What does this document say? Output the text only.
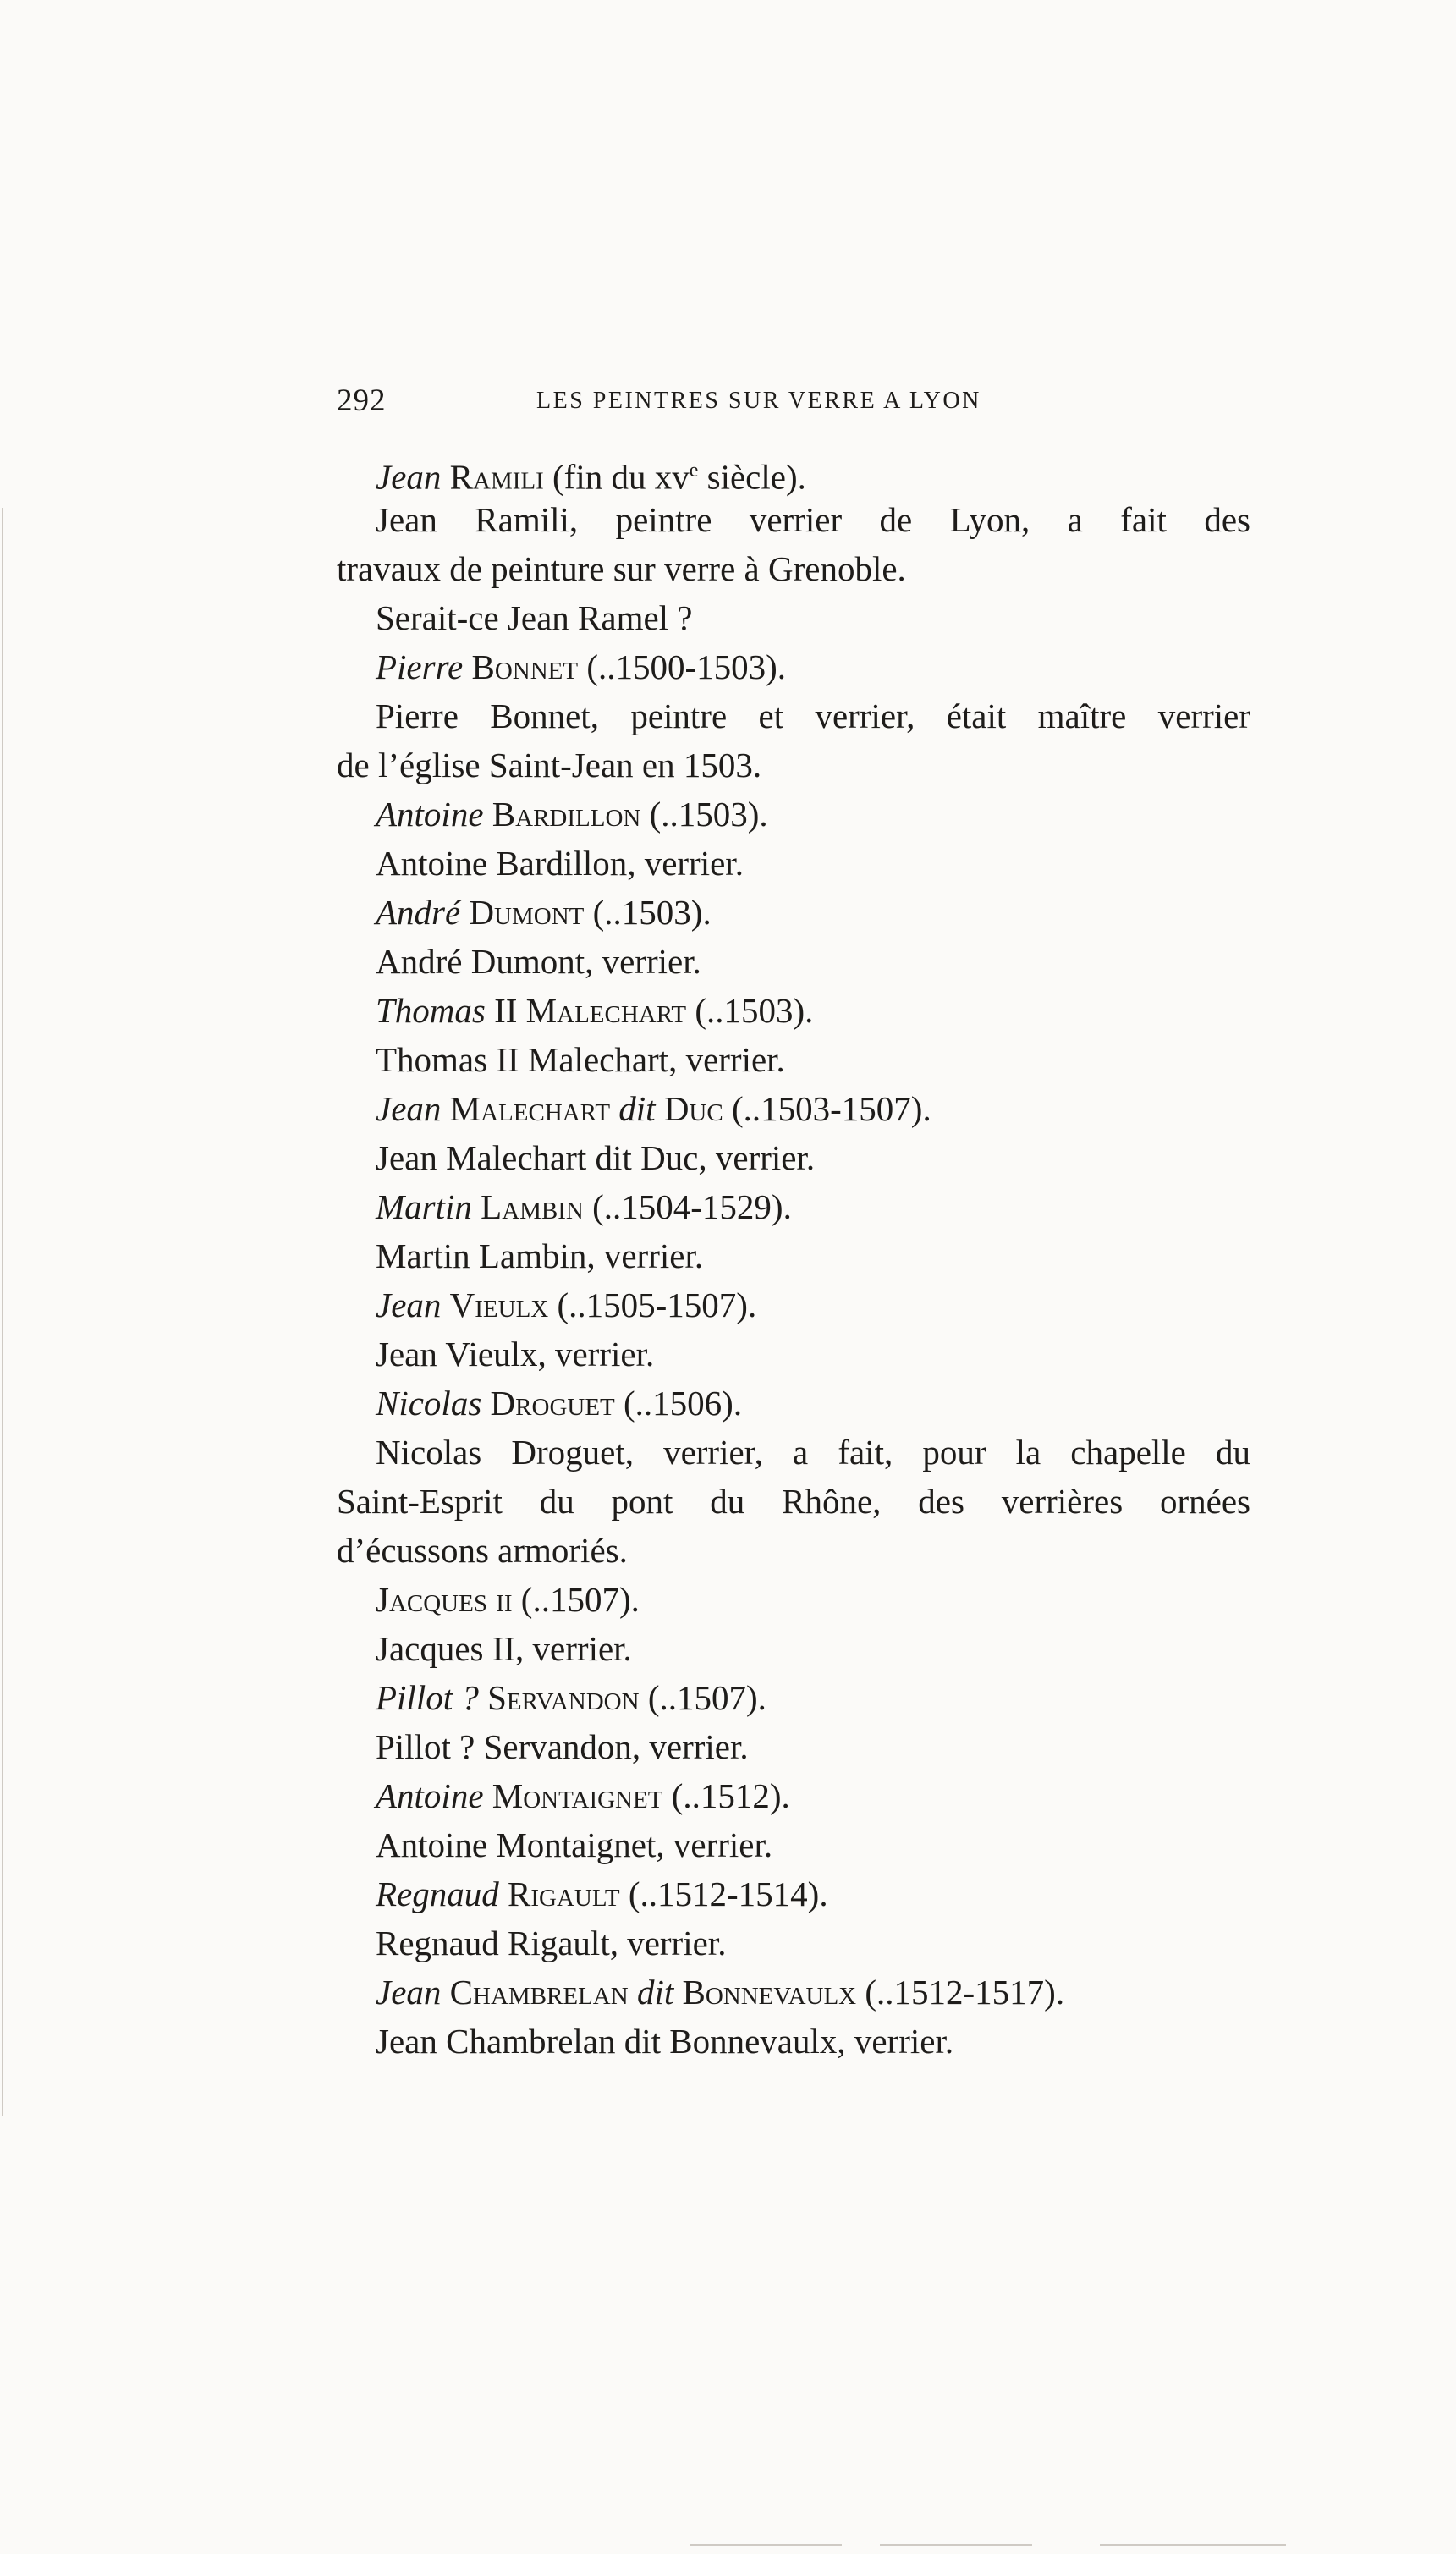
292	LES PEINTRES SUR VERRE A LYON
Jean Ramili (fin du $xv^e$ siècle).
Jean Ramili, peintre verrier de Lyon, a fait des
travaux de peinture sur verre à Grenoble.
Serait-ce Jean Ramel ?
Pierre Bonnet (..1500-1503).
Pierre Bonnet, peintre et verrier, était maître verrier
de l’église Saint-Jean en 1503.
Antoine Bardillon (..1503).
Antoine Bardillon, verrier.
André Dumont (..1503).
André Dumont, verrier.
Thomas II Malechart (..1503).
Thomas II Malechart, verrier.
Jean Malechart dit Duc (..1503-1507).
Jean Malechart dit Duc, verrier.
Martin Lambin (..1504-1529).
Martin Lambin, verrier.
Jean Vieulx (..1505-1507).
Jean Vieulx, verrier.
Nicolas Droguet (..1506).
Nicolas Droguet, verrier, a fait, pour la chapelle du
Saint-Esprit du pont du Rhône, des verrières ornées
d’écussons armoriés.
Jacques ii (..1507).
Jacques II, verrier.
Pillot ? Servandon (..1507).
Pillot ? Servandon, verrier.
Antoine Montaignet (..1512).
Antoine Montaignet, verrier.
Regnaud Rigault (..1512-1514).
Regnaud Rigault, verrier.
Jean Chambrelan dit Bonnevaulx (..1512-1517).
Jean Chambrelan dit Bonnevaulx, verrier.
